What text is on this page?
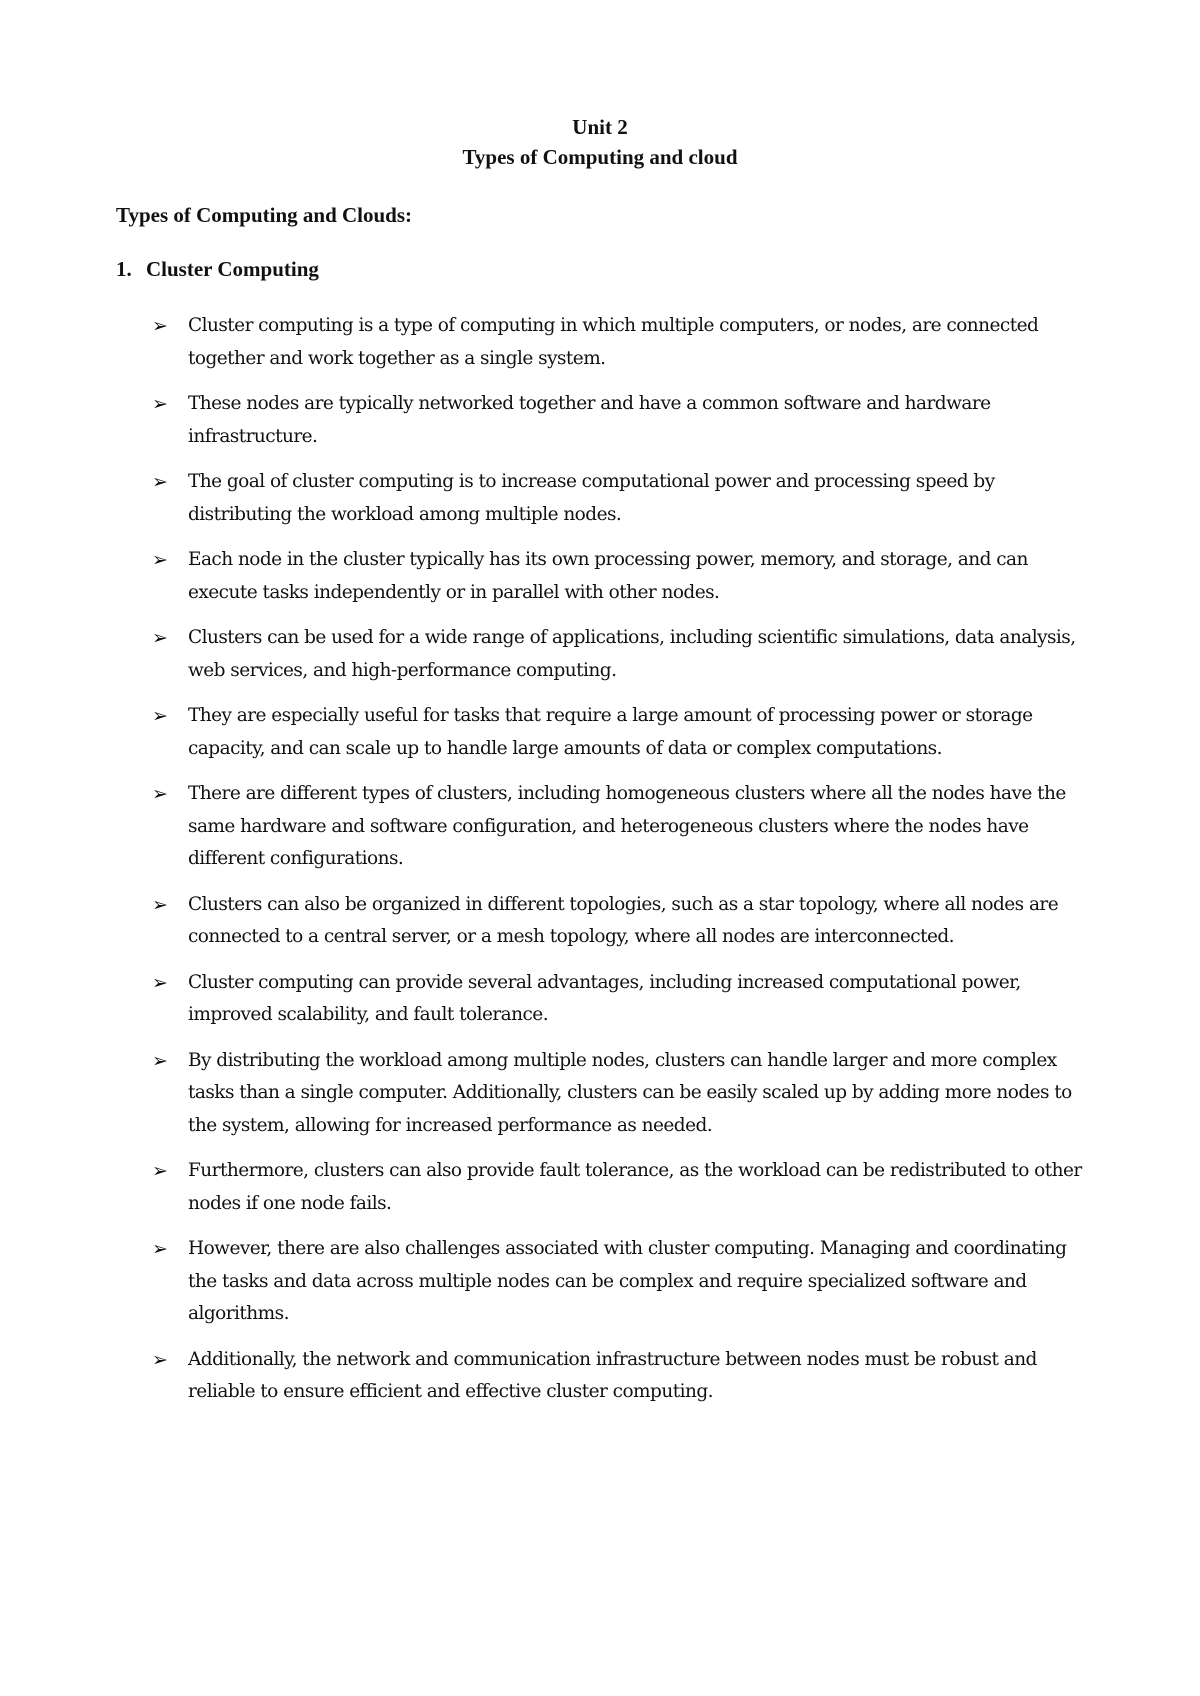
Unit 2
Types of Computing and cloud
Types of Computing and Clouds:
1. Cluster Computing
➢ Cluster computing is a type of computing in which multiple computers, or nodes, are connected together and work together as a single system.
➢ These nodes are typically networked together and have a common software and hardware infrastructure.
➢ The goal of cluster computing is to increase computational power and processing speed by distributing the workload among multiple nodes.
➢ Each node in the cluster typically has its own processing power, memory, and storage, and can execute tasks independently or in parallel with other nodes.
➢ Clusters can be used for a wide range of applications, including scientific simulations, data analysis, web services, and high-performance computing.
➢ They are especially useful for tasks that require a large amount of processing power or storage capacity, and can scale up to handle large amounts of data or complex computations.
➢ There are different types of clusters, including homogeneous clusters where all the nodes have the same hardware and software configuration, and heterogeneous clusters where the nodes have different configurations.
➢ Clusters can also be organized in different topologies, such as a star topology, where all nodes are connected to a central server, or a mesh topology, where all nodes are interconnected.
➢ Cluster computing can provide several advantages, including increased computational power, improved scalability, and fault tolerance.
➢ By distributing the workload among multiple nodes, clusters can handle larger and more complex tasks than a single computer. Additionally, clusters can be easily scaled up by adding more nodes to the system, allowing for increased performance as needed.
➢ Furthermore, clusters can also provide fault tolerance, as the workload can be redistributed to other nodes if one node fails.
➢ However, there are also challenges associated with cluster computing. Managing and coordinating the tasks and data across multiple nodes can be complex and require specialized software and algorithms.
➢ Additionally, the network and communication infrastructure between nodes must be robust and reliable to ensure efficient and effective cluster computing.
